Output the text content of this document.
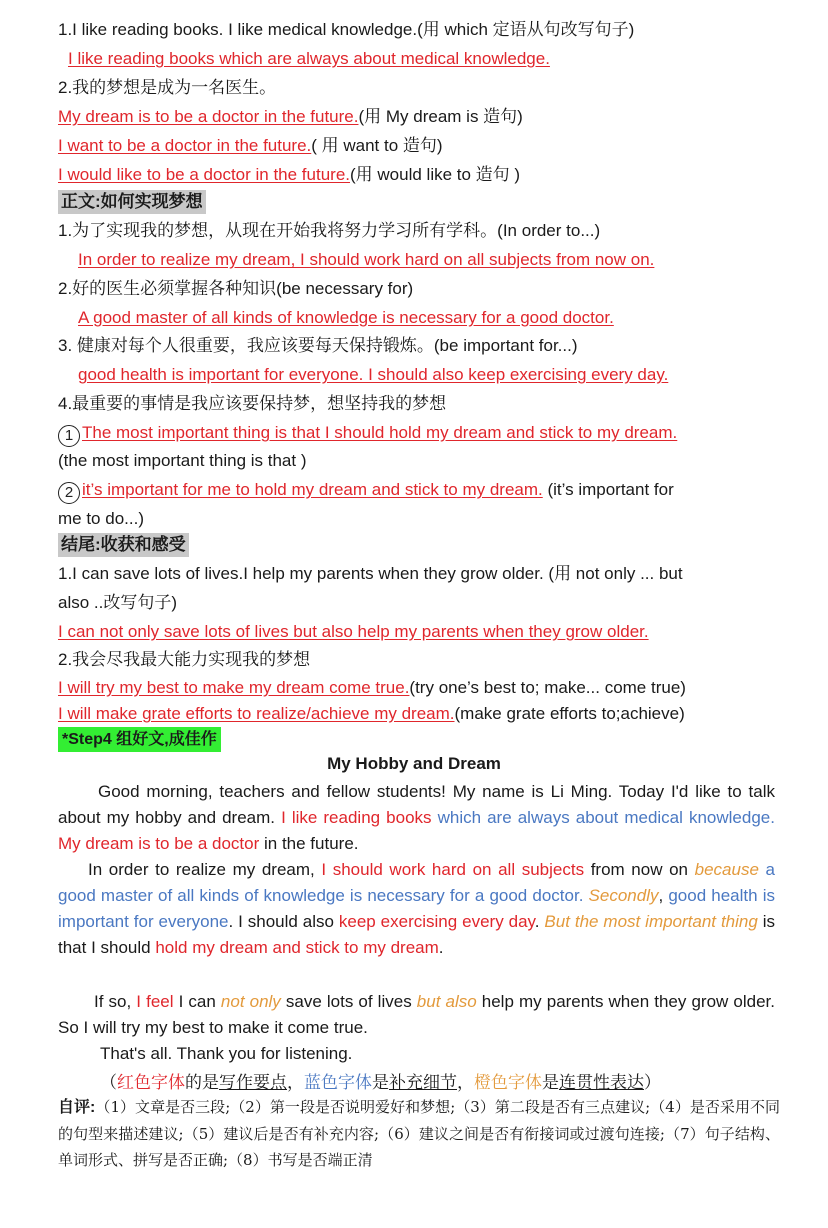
1.I like reading books. I like medical knowledge.(用 which 定语从句改写句子)
I like reading books which are always about medical knowledge.
2.我的梦想是成为一名医生。
My dream is to be a doctor in the future.(用 My dream is 造句)
I want to be a doctor in the future.( 用 want to 造句)
I would like to be a doctor in the future.(用 would like to 造句 )
正文:如何实现梦想
1.为了实现我的梦想，从现在开始我将努力学习所有学科。(In order to...)
In order to realize my dream, I should work hard on all subjects from now on.
2.好的医生必须掌握各种知识(be necessary for)
A good master of all kinds of knowledge is necessary for a good doctor.
3. 健康对每个人很重要，我应该要每天保持锻炼。(be important for...)
good health is important for everyone. I should also keep exercising every day.
4.最重要的事情是我应该要保持梦，想坚持我的梦想
1 The most important thing is that I should hold my dream and stick to my dream.
(the most important thing is that )
2 it’s important for me to hold my dream and stick to my dream. (it’s important for
me to do...)
结尾:收获和感受
1.I can save lots of lives.I help my parents when they grow older. (用 not only ... but
also ..改写句子)
I can not only save lots of lives but also help my parents when they grow older.
2.我会尽我最大能力实现我的梦想
I will try my best to make my dream come true.(try one’s best to; make... come true)
I will make grate efforts to realize/achieve my dream.(make grate efforts to;achieve)
*Step4 组好文,成佳作
My Hobby and Dream
Good morning, teachers and fellow students! My name is Li Ming. Today I'd like to talk about my hobby and dream. I like reading books which are always about medical knowledge. My dream is to be a doctor in the future.
In order to realize my dream, I should work hard on all subjects from now on because a good master of all kinds of knowledge is necessary for a good doctor. Secondly, good health is important for everyone. I should also keep exercising every day. But the most important thing is that I should hold my dream and stick to my dream.
If so, I feel I can not only save lots of lives but also help my parents when they grow older. So I will try my best to make it come true.
That's all. Thank you for listening.
（红色字体的是写作要点，蓝色字体是补充细节，橙色字体是连贯性表达）
自评:（1）文章是否三段;（2）第一段是否说明爱好和梦想;（3）第二段是否有三点建议;（4）是否采用不同的句型来描述建议;（5）建议后是否有补充内容;（6）建议之间是否有衔接词或过渡句连接;（7）句子结构、单词形式、拼写是否正确;（8）书写是否端正清
